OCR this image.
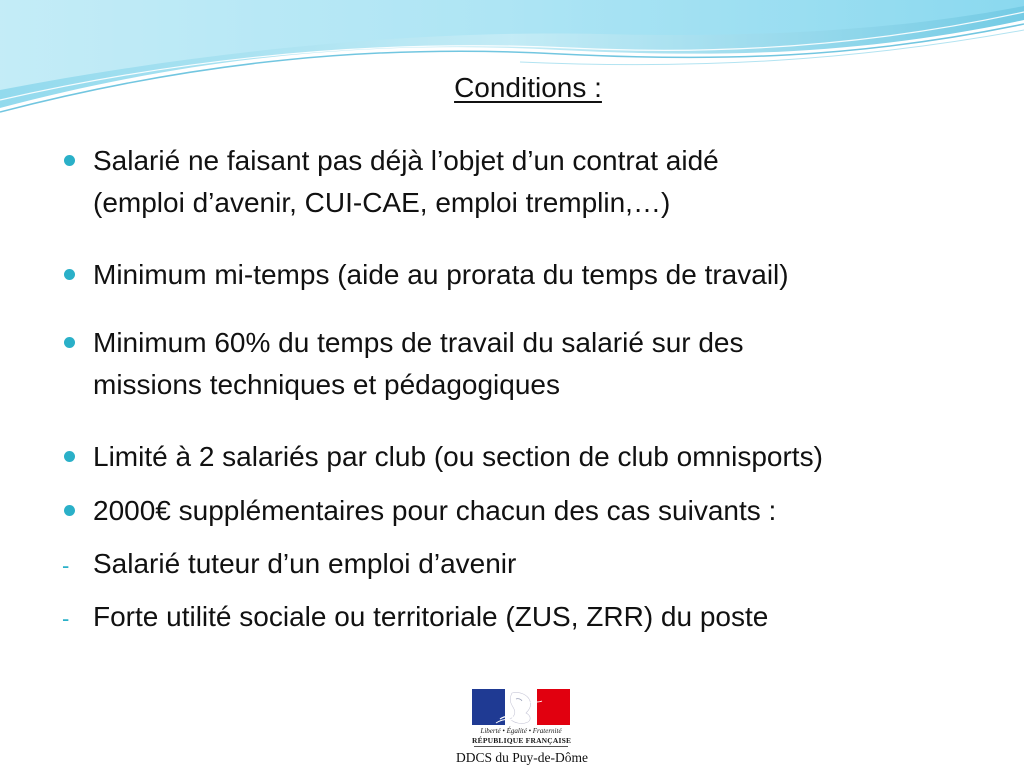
Conditions :
Salarié ne faisant pas déjà l’objet d’un contrat aidé
(emploi d’avenir, CUI-CAE, emploi tremplin,…)
Minimum mi-temps (aide au prorata du temps de travail)
Minimum 60% du temps de travail du salarié sur des
missions techniques et pédagogiques
Limité à 2 salariés par club (ou section de club omnisports)
2000€ supplémentaires pour chacun des cas suivants :
- Salarié tuteur d’un emploi d’avenir
- Forte utilité sociale ou territoriale (ZUS, ZRR) du poste
Liberté • Égalité • Fraternité
RÉPUBLIQUE FRANÇAISE
DDCS du Puy-de-Dôme
